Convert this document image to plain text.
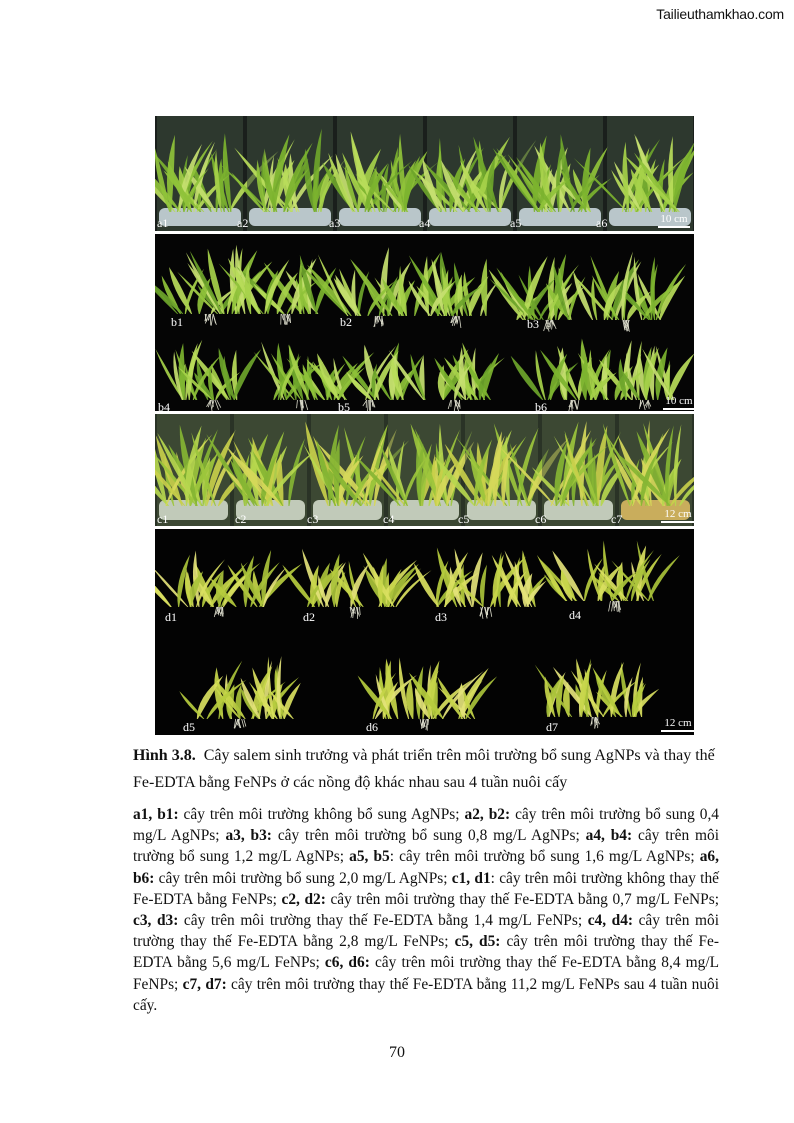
Tailieuthamkhao.com
a1	a2	a3	a4	a5	a6	10 cm
b1	b2	b3
b4	b5	b6	10 cm
c1	c2	c3	c4	c5	c6	c7	12 cm
d1	d2	d3	d4
d5	d6	d7	12 cm
Hình 3.8. Cây salem sinh trưởng và phát triển trên môi trường bổ sung AgNPs và thay thế Fe-EDTA bằng FeNPs ở các nồng độ khác nhau sau 4 tuần nuôi cấy
a1, b1: cây trên môi trường không bổ sung AgNPs; a2, b2: cây trên môi trường bổ sung 0,4 mg/L AgNPs; a3, b3: cây trên môi trường bổ sung 0,8 mg/L AgNPs; a4, b4: cây trên môi trường bổ sung 1,2 mg/L AgNPs; a5, b5: cây trên môi trường bổ sung 1,6 mg/L AgNPs; a6, b6: cây trên môi trường bổ sung 2,0 mg/L AgNPs; c1, d1: cây trên môi trường không thay thế Fe-EDTA bằng FeNPs; c2, d2: cây trên môi trường thay thế Fe-EDTA bằng 0,7 mg/L FeNPs; c3, d3: cây trên môi trường thay thế Fe-EDTA bằng 1,4 mg/L FeNPs; c4, d4: cây trên môi trường thay thế Fe-EDTA bằng 2,8 mg/L FeNPs; c5, d5: cây trên môi trường thay thế Fe-EDTA bằng 5,6 mg/L FeNPs; c6, d6: cây trên môi trường thay thế Fe-EDTA bằng 8,4 mg/L FeNPs; c7, d7: cây trên môi trường thay thế Fe-EDTA bằng 11,2 mg/L FeNPs sau 4 tuần nuôi cấy.
70
